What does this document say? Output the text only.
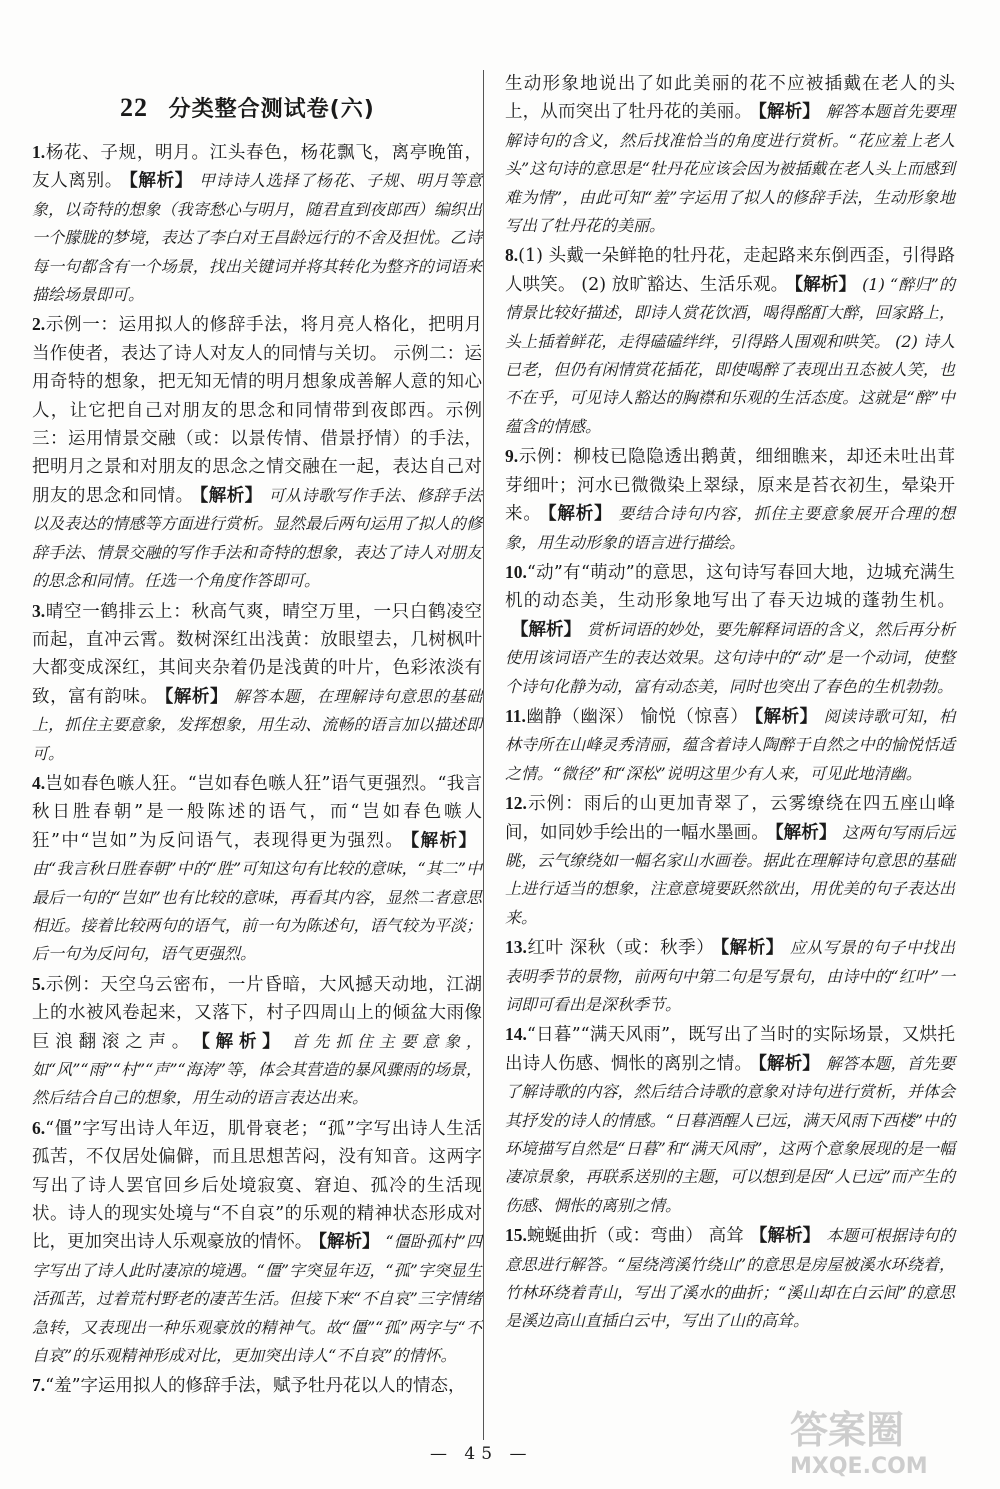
22 分类整合测试卷(六)
1.杨花、子规，明月。江头春色，杨花飘飞，离亭晚笛，友人离别。 【解析】 甲诗诗人选择了杨花、子规、明月等意象，以奇特的想象（我寄愁心与明月，随君直到夜郎西）编织出一个朦胧的梦境，表达了李白对王昌龄远行的不舍及担忧。乙诗每一句都含有一个场景，找出关键词并将其转化为整齐的词语来描绘场景即可。
2.示例一：运用拟人的修辞手法，将月亮人格化，把明月当作使者，表达了诗人对友人的同情与关切。 示例二：运用奇特的想象，把无知无情的明月想象成善解人意的知心人，让它把自己对朋友的思念和同情带到夜郎西。示例三：运用情景交融（或：以景传情、借景抒情）的手法，把明月之景和对朋友的思念之情交融在一起，表达自己对朋友的思念和同情。 【解析】 可从诗歌写作手法、修辞手法以及表达的情感等方面进行赏析。显然最后两句运用了拟人的修辞手法、情景交融的写作手法和奇特的想象，表达了诗人对朋友的思念和同情。任选一个角度作答即可。
3.晴空一鹤排云上：秋高气爽，晴空万里，一只白鹤凌空而起，直冲云霄。数树深红出浅黄：放眼望去，几树枫叶大都变成深红，其间夹杂着仍是浅黄的叶片，色彩浓淡有致，富有韵味。 【解析】 解答本题，在理解诗句意思的基础上，抓住主要意象，发挥想象，用生动、流畅的语言加以描述即可。
4.岂如春色嗾人狂。“岂如春色嗾人狂”语气更强烈。“我言秋日胜春朝”是一般陈述的语气，而“岂如春色嗾人狂”中“岂如”为反问语气，表现得更为强烈。 【解析】由“我言秋日胜春朝”中的“胜”可知这句有比较的意味，“其二”中最后一句的“岂如”也有比较的意味，再看其内容，显然二者意思相近。接着比较两句的语气，前一句为陈述句，语气较为平淡；后一句为反问句，语气更强烈。
5.示例：天空乌云密布，一片昏暗，大风撼天动地，江湖上的水被风卷起来，又落下，村子四周山上的倾盆大雨像巨浪翻滚之声。 【解析】 首先抓住主要意象，如“风”“雨”“村”“声”“海涛”等，体会其营造的暴风骤雨的场景，然后结合自己的想象，用生动的语言表达出来。
6.“僵”字写出诗人年迈，肌骨衰老；“孤”字写出诗人生活孤苦，不仅居处偏僻，而且思想苦闷，没有知音。这两字写出了诗人罢官回乡后处境寂寞、窘迫、孤冷的生活现状。诗人的现实处境与“不自哀”的乐观的精神状态形成对比，更加突出诗人乐观豪放的情怀。 【解析】 “僵卧孤村”四字写出了诗人此时凄凉的境遇。“僵”字突显年迈，“孤”字突显生活孤苦，过着荒村野老的凄苦生活。但接下来“不自哀”三字情绪急转，又表现出一种乐观豪放的精神气。故“僵”“孤”两字与“不自哀”的乐观精神形成对比，更加突出诗人“不自哀”的情怀。
7.“羞”字运用拟人的修辞手法，赋予牡丹花以人的情态，
生动形象地说出了如此美丽的花不应被插戴在老人的头上，从而突出了牡丹花的美丽。 【解析】 解答本题首先要理解诗句的含义，然后找准恰当的角度进行赏析。“花应羞上老人头”这句诗的意思是“牡丹花应该会因为被插戴在老人头上而感到难为情”，由此可知“羞”字运用了拟人的修辞手法，生动形象地写出了牡丹花的美丽。
8.(1) 头戴一朵鲜艳的牡丹花，走起路来东倒西歪，引得路人哄笑。 (2) 放旷豁达、生活乐观。 【解析】 (1) “醉归”的情景比较好描述，即诗人赏花饮酒，喝得酩酊大醉，回家路上，头上插着鲜花，走得磕磕绊绊，引得路人围观和哄笑。 (2) 诗人已老，但仍有闲情赏花插花，即使喝醉了表现出丑态被人笑，也不在乎，可见诗人豁达的胸襟和乐观的生活态度。这就是“醉”中蕴含的情感。
9.示例：柳枝已隐隐透出鹅黄，细细瞧来，却还未吐出茸芽细叶；河水已微微染上翠绿，原来是苔衣初生，晕染开来。 【解析】 要结合诗句内容，抓住主要意象展开合理的想象，用生动形象的语言进行描绘。
10.“动”有“萌动”的意思，这句诗写春回大地，边城充满生机的动态美，生动形象地写出了春天边城的蓬勃生机。【解析】 赏析词语的妙处，要先解释词语的含义，然后再分析使用该词语产生的表达效果。这句诗中的“动”是一个动词，使整个诗句化静为动，富有动态美，同时也突出了春色的生机勃勃。
11.幽静（幽深） 愉悦（惊喜） 【解析】 阅读诗歌可知，柏林寺所在山峰灵秀清丽，蕴含着诗人陶醉于自然之中的愉悦恬适之情。“微径”和“深松”说明这里少有人来，可见此地清幽。
12.示例：雨后的山更加青翠了，云雾缭绕在四五座山峰间，如同妙手绘出的一幅水墨画。 【解析】 这两句写雨后远眺，云气缭绕如一幅名家山水画卷。据此在理解诗句意思的基础上进行适当的想象，注意意境要跃然欲出，用优美的句子表达出来。
13.红叶 深秋（或：秋季） 【解析】 应从写景的句子中找出表明季节的景物，前两句中第二句是写景句，由诗中的“红叶”一词即可看出是深秋季节。
14.“日暮”“满天风雨”，既写出了当时的实际场景，又烘托出诗人伤感、惆怅的离别之情。 【解析】 解答本题，首先要了解诗歌的内容，然后结合诗歌的意象对诗句进行赏析，并体会其抒发的诗人的情感。“日暮酒醒人已远，满天风雨下西楼”中的环境描写自然是“日暮”和“满天风雨”，这两个意象展现的是一幅凄凉景象，再联系送别的主题，可以想到是因“人已远”而产生的伤感、惆怅的离别之情。
15.蜿蜒曲折（或：弯曲） 高耸 【解析】 本题可根据诗句的意思进行解答。“屋绕湾溪竹绕山”的意思是房屋被溪水环绕着，竹林环绕着青山，写出了溪水的曲折；“溪山却在白云间”的意思是溪边高山直插白云中，写出了山的高耸。
— 45 —
答案圈
MXQE.COM
